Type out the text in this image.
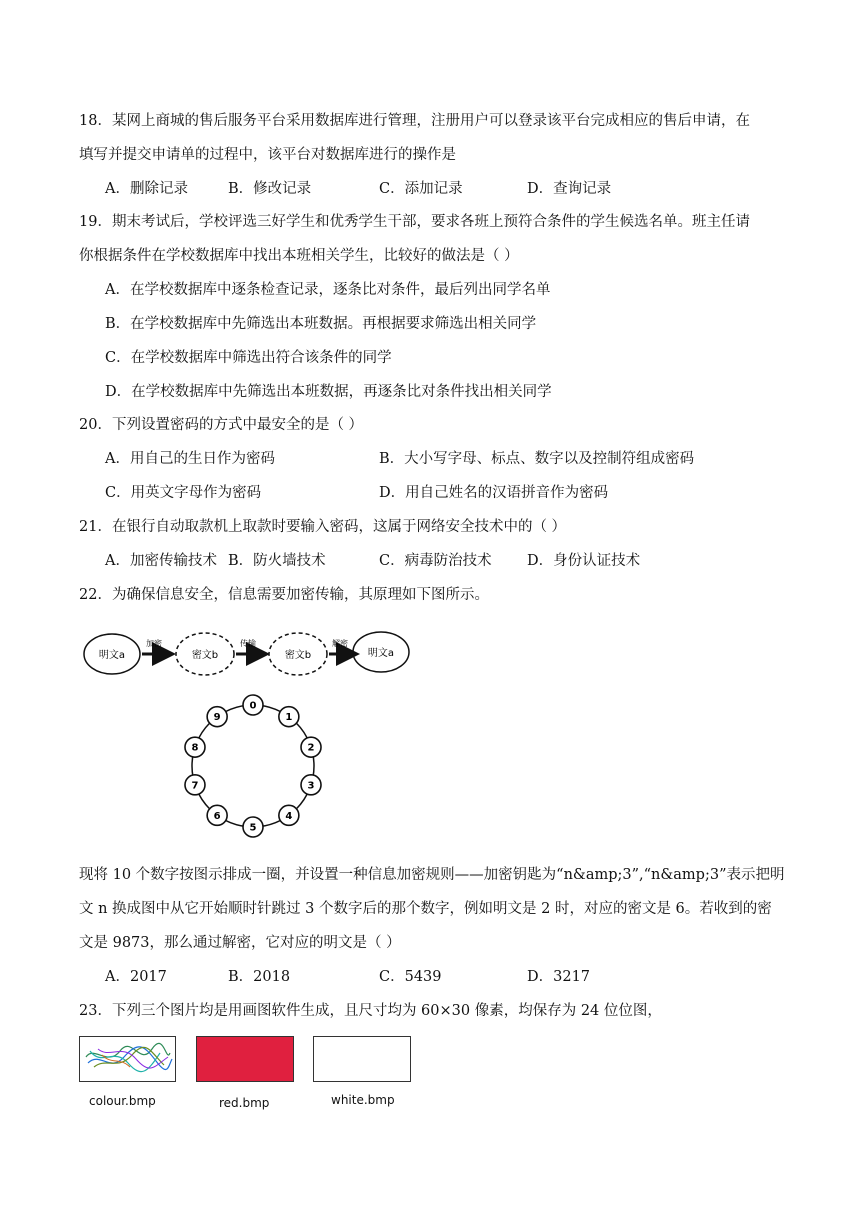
18．某网上商城的售后服务平台采用数据库进行管理，注册用户可以登录该平台完成相应的售后申请，在
填写并提交申请单的过程中，该平台对数据库进行的操作是
A．删除记录	B．修改记录	C．添加记录	D．查询记录
19．期末考试后，学校评选三好学生和优秀学生干部，要求各班上预符合条件的学生候选名单。班主任请
你根据条件在学校数据库中找出本班相关学生，比较好的做法是（ ）
A．在学校数据库中逐条检查记录，逐条比对条件，最后列出同学名单
B．在学校数据库中先筛选出本班数据。再根据要求筛选出相关同学
C．在学校数据库中筛选出符合该条件的同学
D．在学校数据库中先筛选出本班数据，再逐条比对条件找出相关同学
20．下列设置密码的方式中最安全的是（ ）
A．用自己的生日作为密码	B．大小写字母、标点、数字以及控制符组成密码
C．用英文字母作为密码	D．用自己姓名的汉语拼音作为密码
21．在银行自动取款机上取款时要输入密码，这属于网络安全技术中的（ ）
A．加密传输技术 B．防火墙技术	C．病毒防治技术 D．身份认证技术
22．为确保信息安全，信息需要加密传输，其原理如下图所示。
明文a
加密
密文b
传输
密文b
解密
明文a
0
1
2
3
4
5
6
7
8
9
现将 10 个数字按图示排成一圈，并设置一种信息加密规则——加密钥匙为“n&amp;3”,“n&amp;3”表示把明
文 n 换成图中从它开始顺时针跳过 3 个数字后的那个数字，例如明文是 2 时，对应的密文是 6。若收到的密
文是 9873，那么通过解密，它对应的明文是（ ）
A．2017	B．2018	C．5439	D．3217
23．下列三个图片均是用画图软件生成，且尺寸均为 60×30 像素，均保存为 24 位位图，
colour.bmp	red.bmp	white.bmp
